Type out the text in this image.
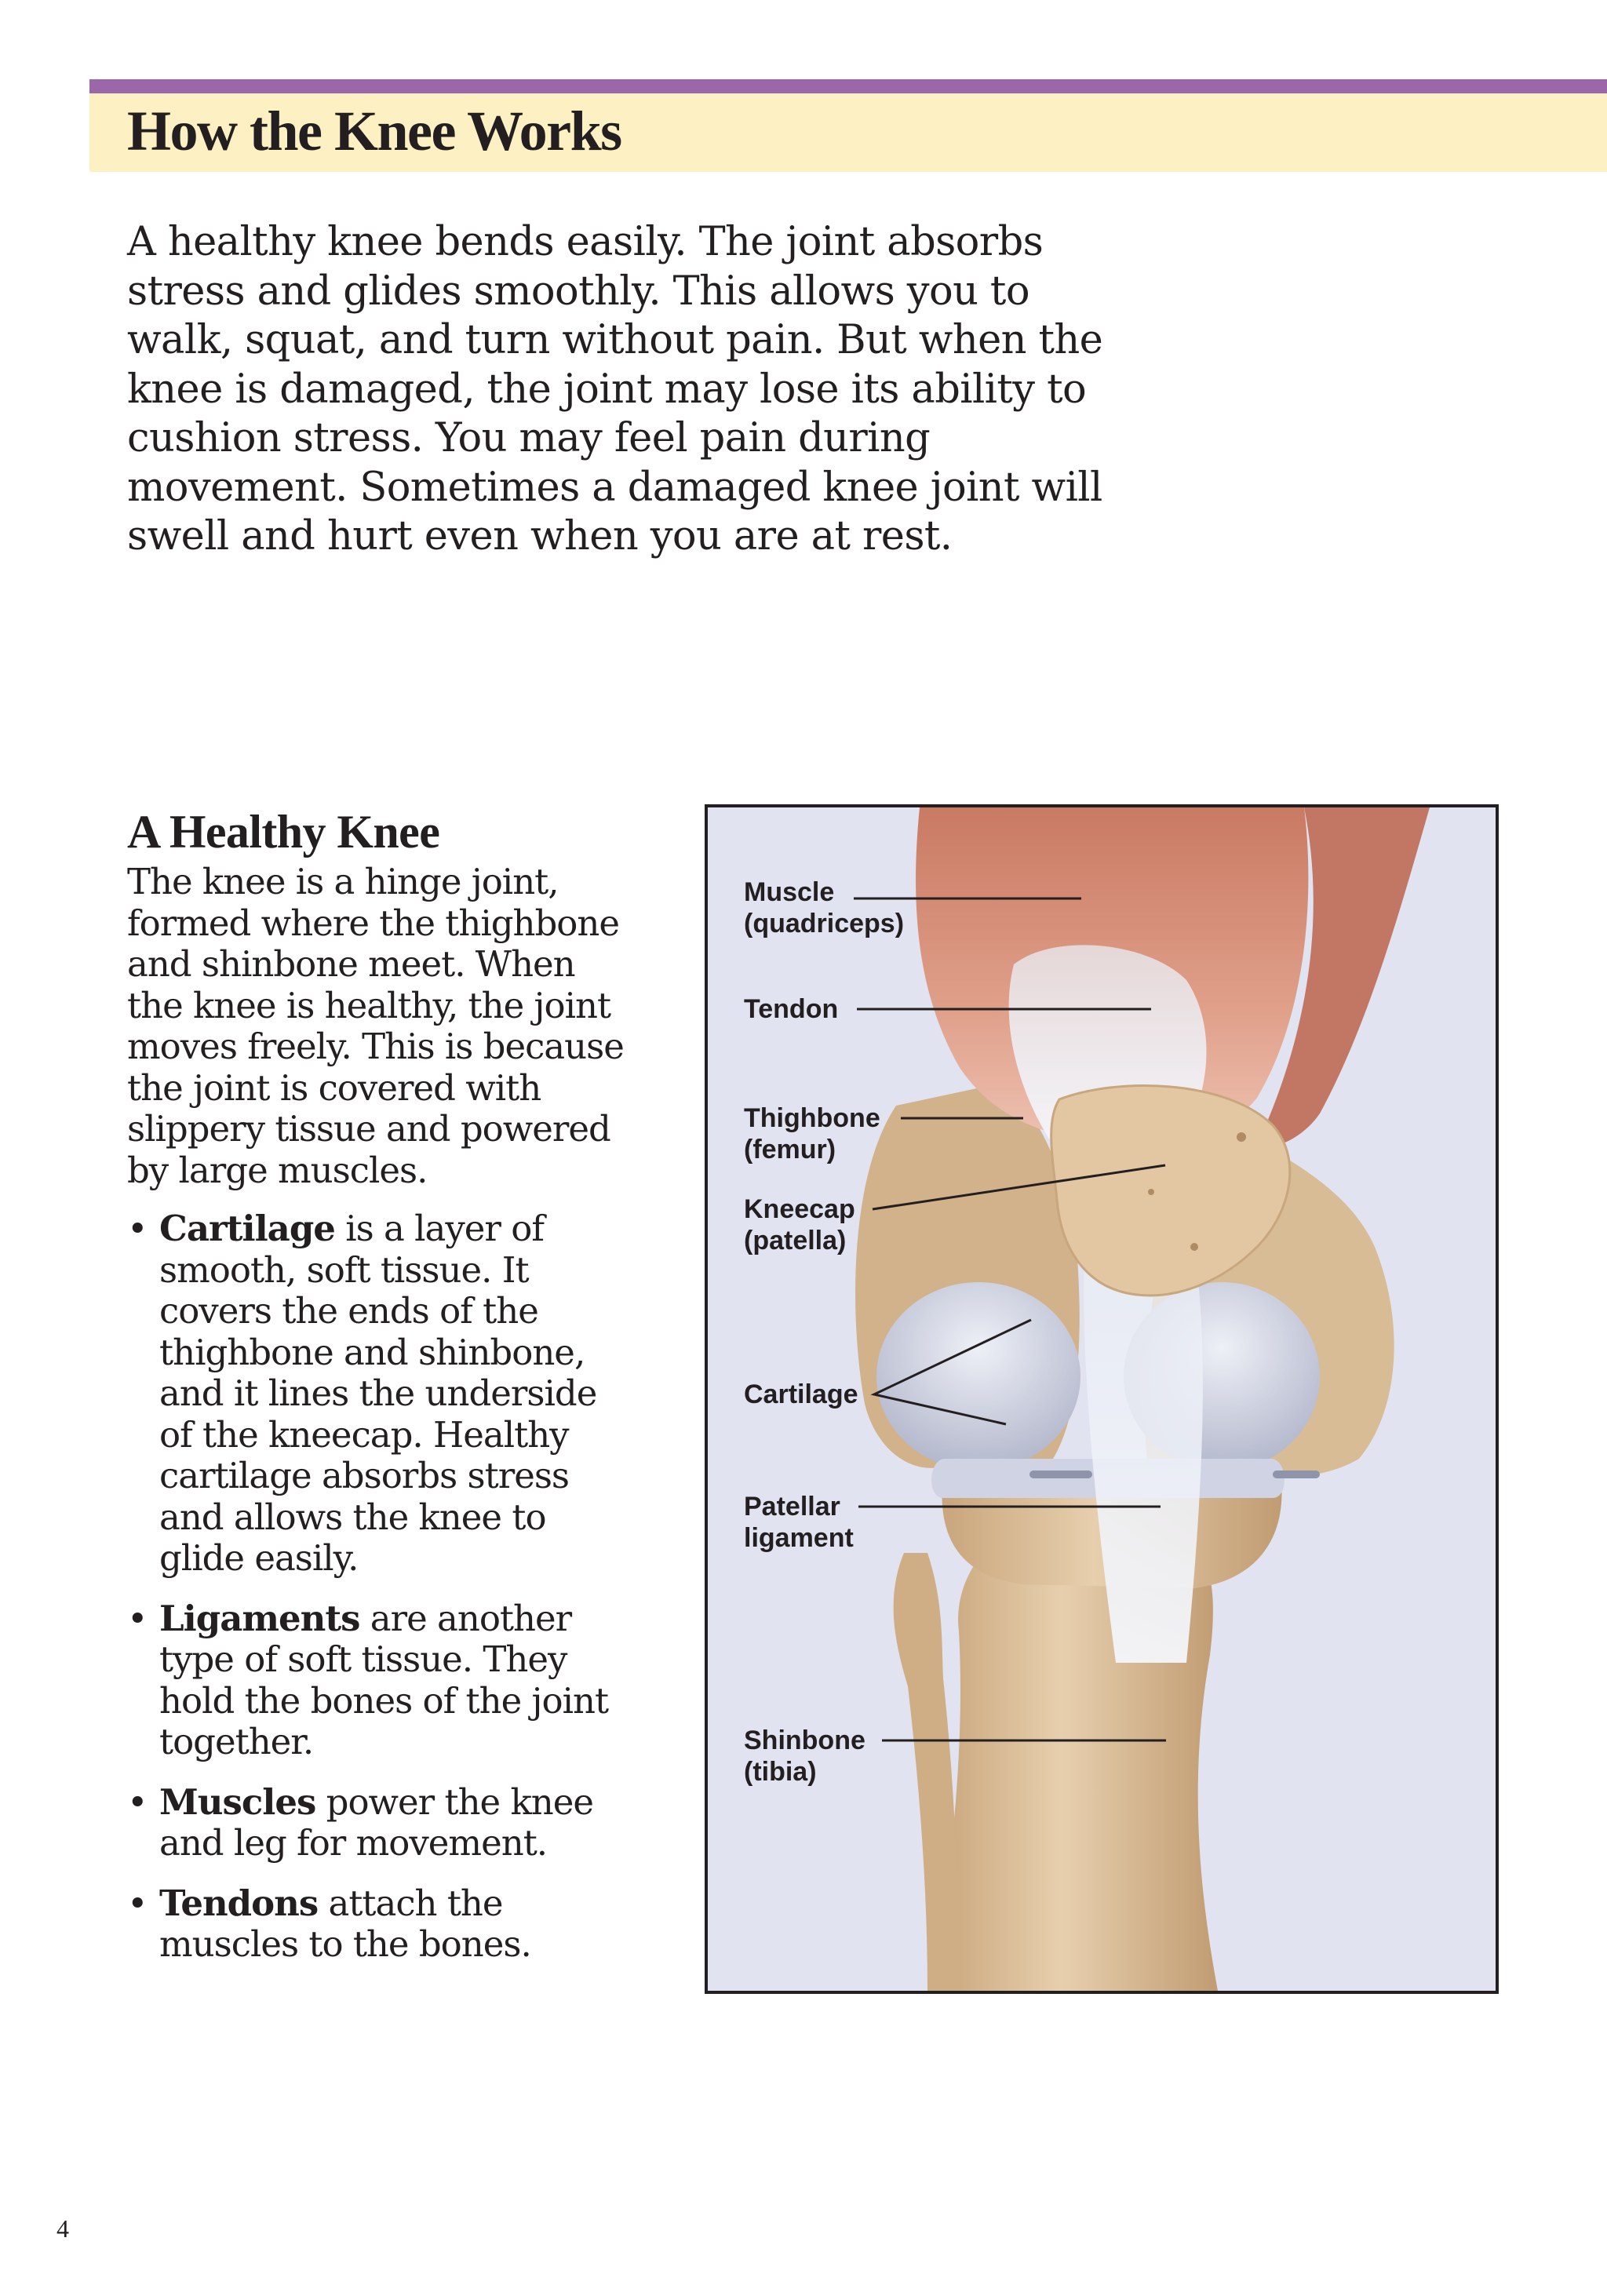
How the Knee Works

A healthy knee bends easily. The joint absorbs stress and glides smoothly. This allows you to walk, squat, and turn without pain. But when the knee is damaged, the joint may lose its ability to cushion stress. You may feel pain during movement. Sometimes a damaged knee joint will swell and hurt even when you are at rest.

A Healthy Knee

The knee is a hinge joint, formed where the thighbone and shinbone meet. When the knee is healthy, the joint moves freely. This is because the joint is covered with slippery tissue and powered by large muscles.

• Cartilage is a layer of smooth, soft tissue. It covers the ends of the thighbone and shinbone, and it lines the underside of the kneecap. Healthy cartilage absorbs stress and allows the knee to glide easily.
• Ligaments are another type of soft tissue. They hold the bones of the joint together.
• Muscles power the knee and leg for movement.
• Tendons attach the muscles to the bones.

Muscle
(quadriceps)

Tendon

Thighbone
(femur)

Kneecap
(patella)

Cartilage

Patellar
ligament

Shinbone
(tibia)

4
